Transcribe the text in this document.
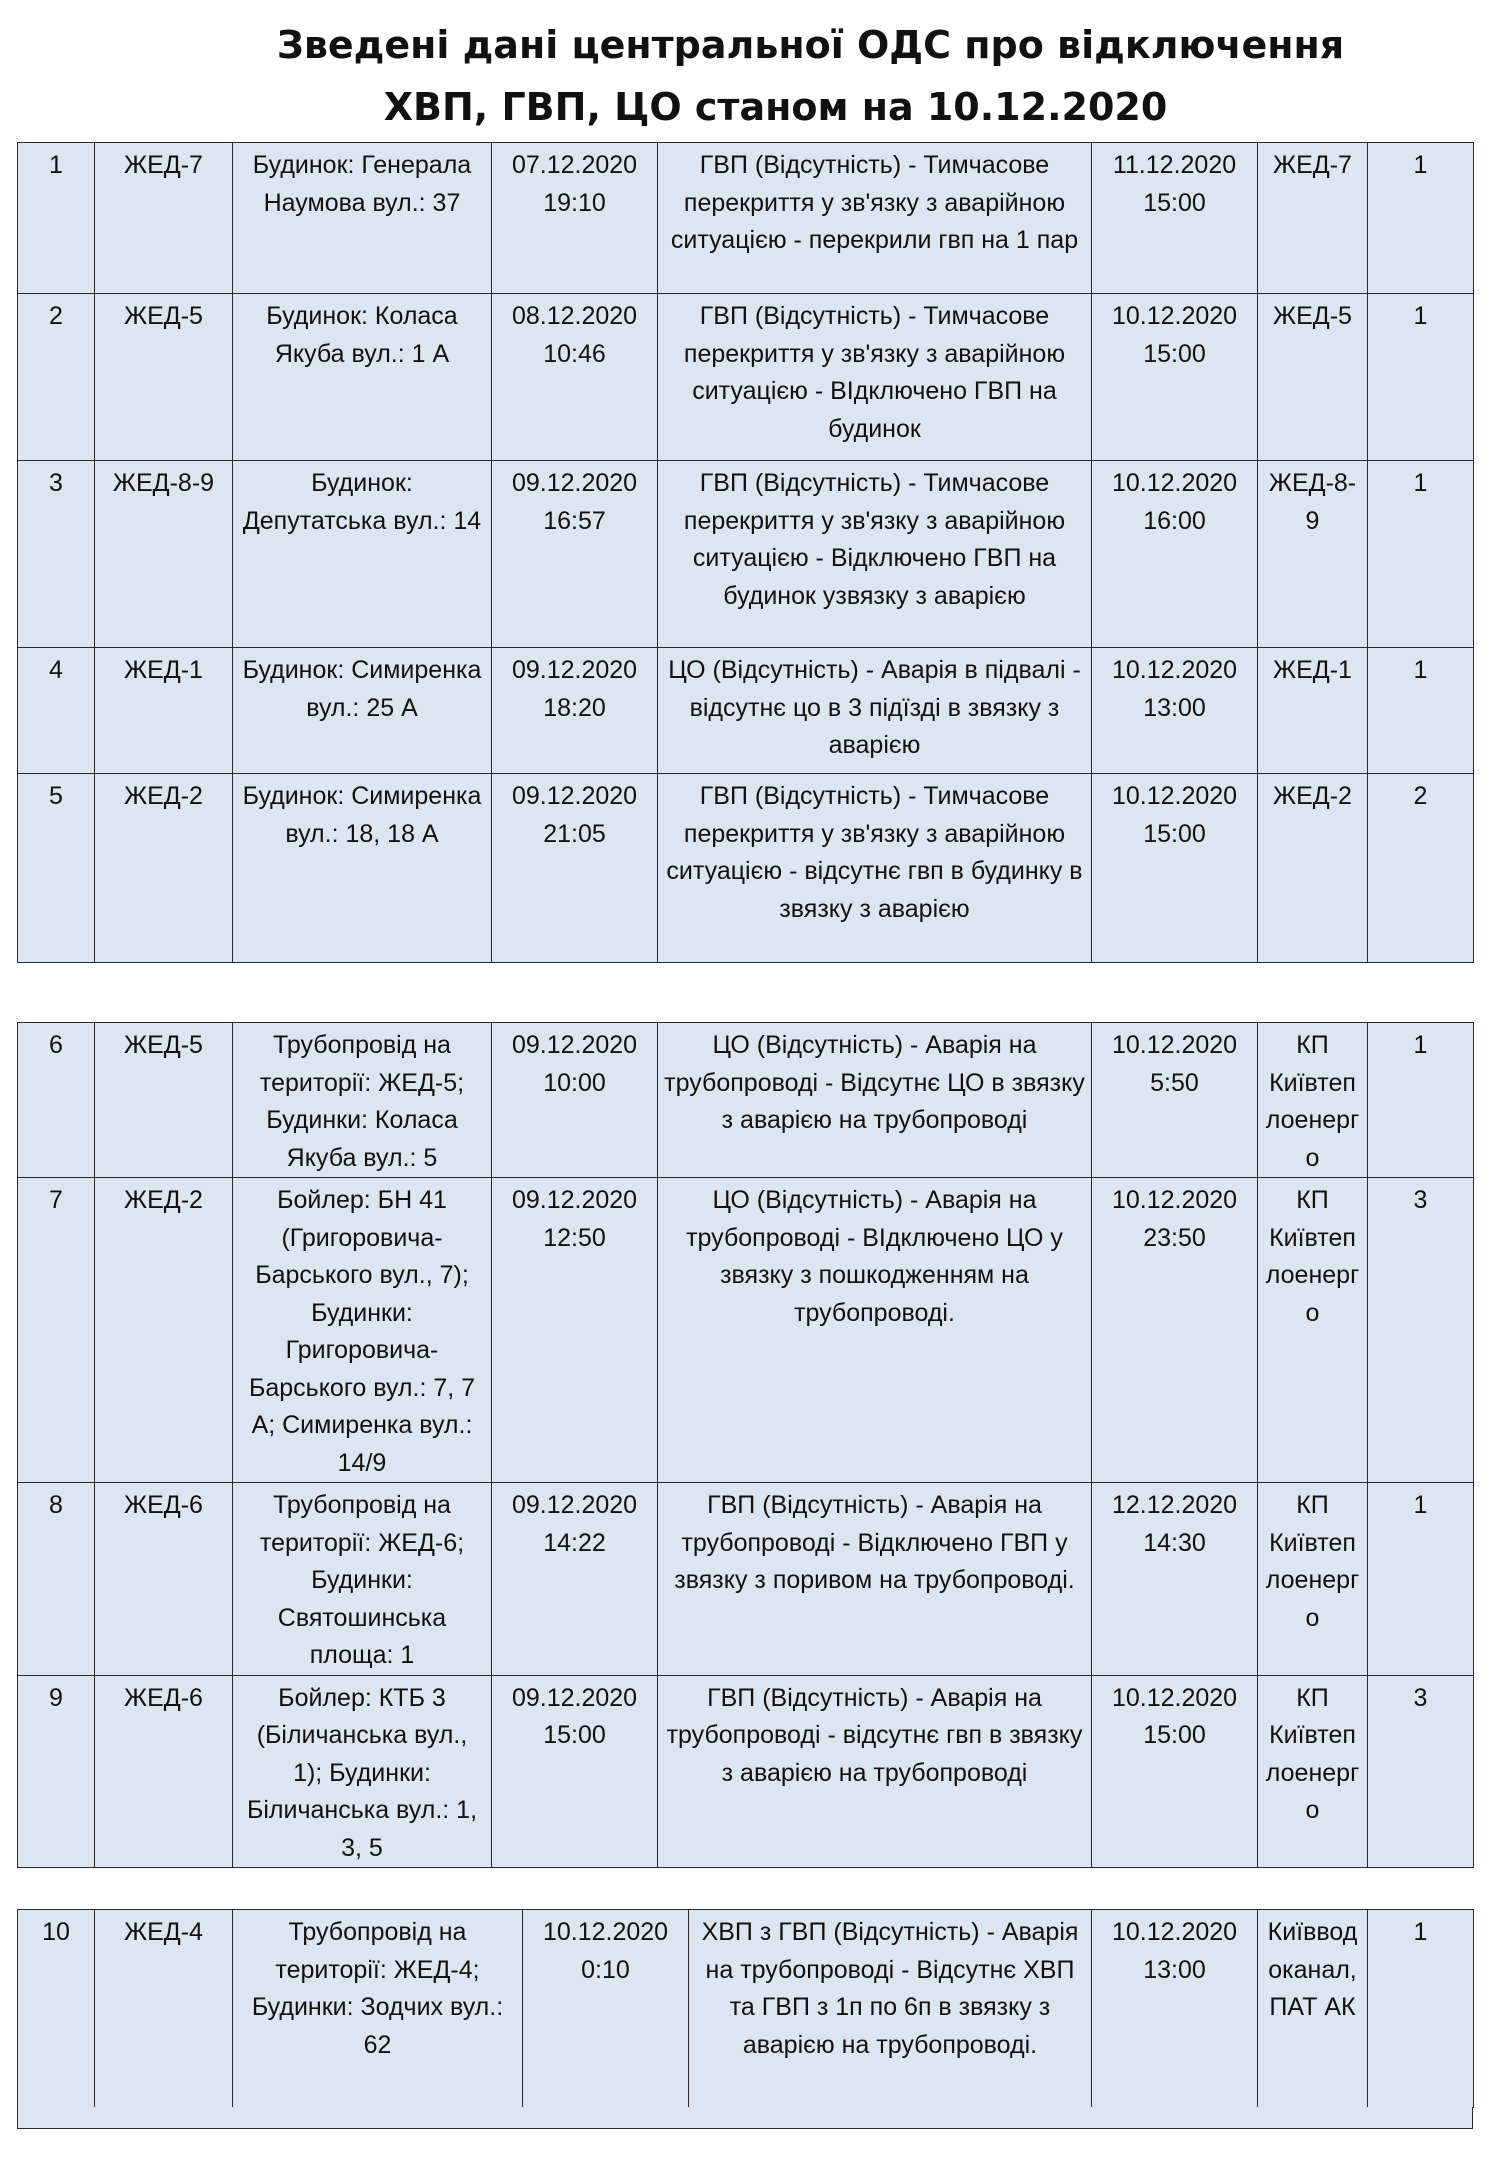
Зведені дані центральної ОДС про відключення
ХВП, ГВП, ЦО станом на 10.12.2020
1	ЖЕД-7	Будинок: Генерала Наумова вул.: 37	07.12.2020 19:10	ГВП (Відсутність) - Тимчасове перекриття у зв'язку з аварійною ситуацією - перекрили гвп на 1 пар	11.12.2020 15:00	ЖЕД-7	1
2	ЖЕД-5	Будинок: Коласа Якуба вул.: 1 А	08.12.2020 10:46	ГВП (Відсутність) - Тимчасове перекриття у зв'язку з аварійною ситуацією - ВІдключено ГВП на будинок	10.12.2020 15:00	ЖЕД-5	1
3	ЖЕД-8-9	Будинок: Депутатська вул.: 14	09.12.2020 16:57	ГВП (Відсутність) - Тимчасове перекриття у зв'язку з аварійною ситуацією - Відключено ГВП на будинок узвязку з аварією	10.12.2020 16:00	ЖЕД-8-9	1
4	ЖЕД-1	Будинок: Симиренка вул.: 25 А	09.12.2020 18:20	ЦО (Відсутність) - Аварія в підвалі - відсутнє цо в 3 підїзді в звязку з аварією	10.12.2020 13:00	ЖЕД-1	1
5	ЖЕД-2	Будинок: Симиренка вул.: 18, 18 А	09.12.2020 21:05	ГВП (Відсутність) - Тимчасове перекриття у зв'язку з аварійною ситуацією - відсутнє гвп в будинку в звязку з аварією	10.12.2020 15:00	ЖЕД-2	2
6	ЖЕД-5	Трубопровід на території: ЖЕД-5; Будинки: Коласа Якуба вул.: 5	09.12.2020 10:00	ЦО (Відсутність) - Аварія на трубопроводі - Відсутнє ЦО в звязку з аварією на трубопроводі	10.12.2020 5:50	КП Київтеплоенерго	1
7	ЖЕД-2	Бойлер: БН 41 (Григоровича-Барського вул., 7); Будинки: Григоровича-Барського вул.: 7, 7 А; Симиренка вул.: 14/9	09.12.2020 12:50	ЦО (Відсутність) - Аварія на трубопроводі - ВІдключено ЦО у звязку з пошкодженням на трубопроводі.	10.12.2020 23:50	КП Київтеплоенерго	3
8	ЖЕД-6	Трубопровід на території: ЖЕД-6; Будинки: Святошинська площа: 1	09.12.2020 14:22	ГВП (Відсутність) - Аварія на трубопроводі - Відключено ГВП у звязку з поривом на трубопроводі.	12.12.2020 14:30	КП Київтеплоенерго	1
9	ЖЕД-6	Бойлер: КТБ 3 (Біличанська вул., 1); Будинки: Біличанська вул.: 1, 3, 5	09.12.2020 15:00	ГВП (Відсутність) - Аварія на трубопроводі - відсутнє гвп в звязку з аварією на трубопроводі	10.12.2020 15:00	КП Київтеплоенерго	3
10	ЖЕД-4	Трубопровід на території: ЖЕД-4; Будинки: Зодчих вул.: 62	10.12.2020 0:10	ХВП з ГВП (Відсутність) - Аварія на трубопроводі - Відсутнє ХВП та ГВП з 1п по 6п в звязку з аварією на трубопроводі.	10.12.2020 13:00	Київводоканал, ПАТ АК	1
